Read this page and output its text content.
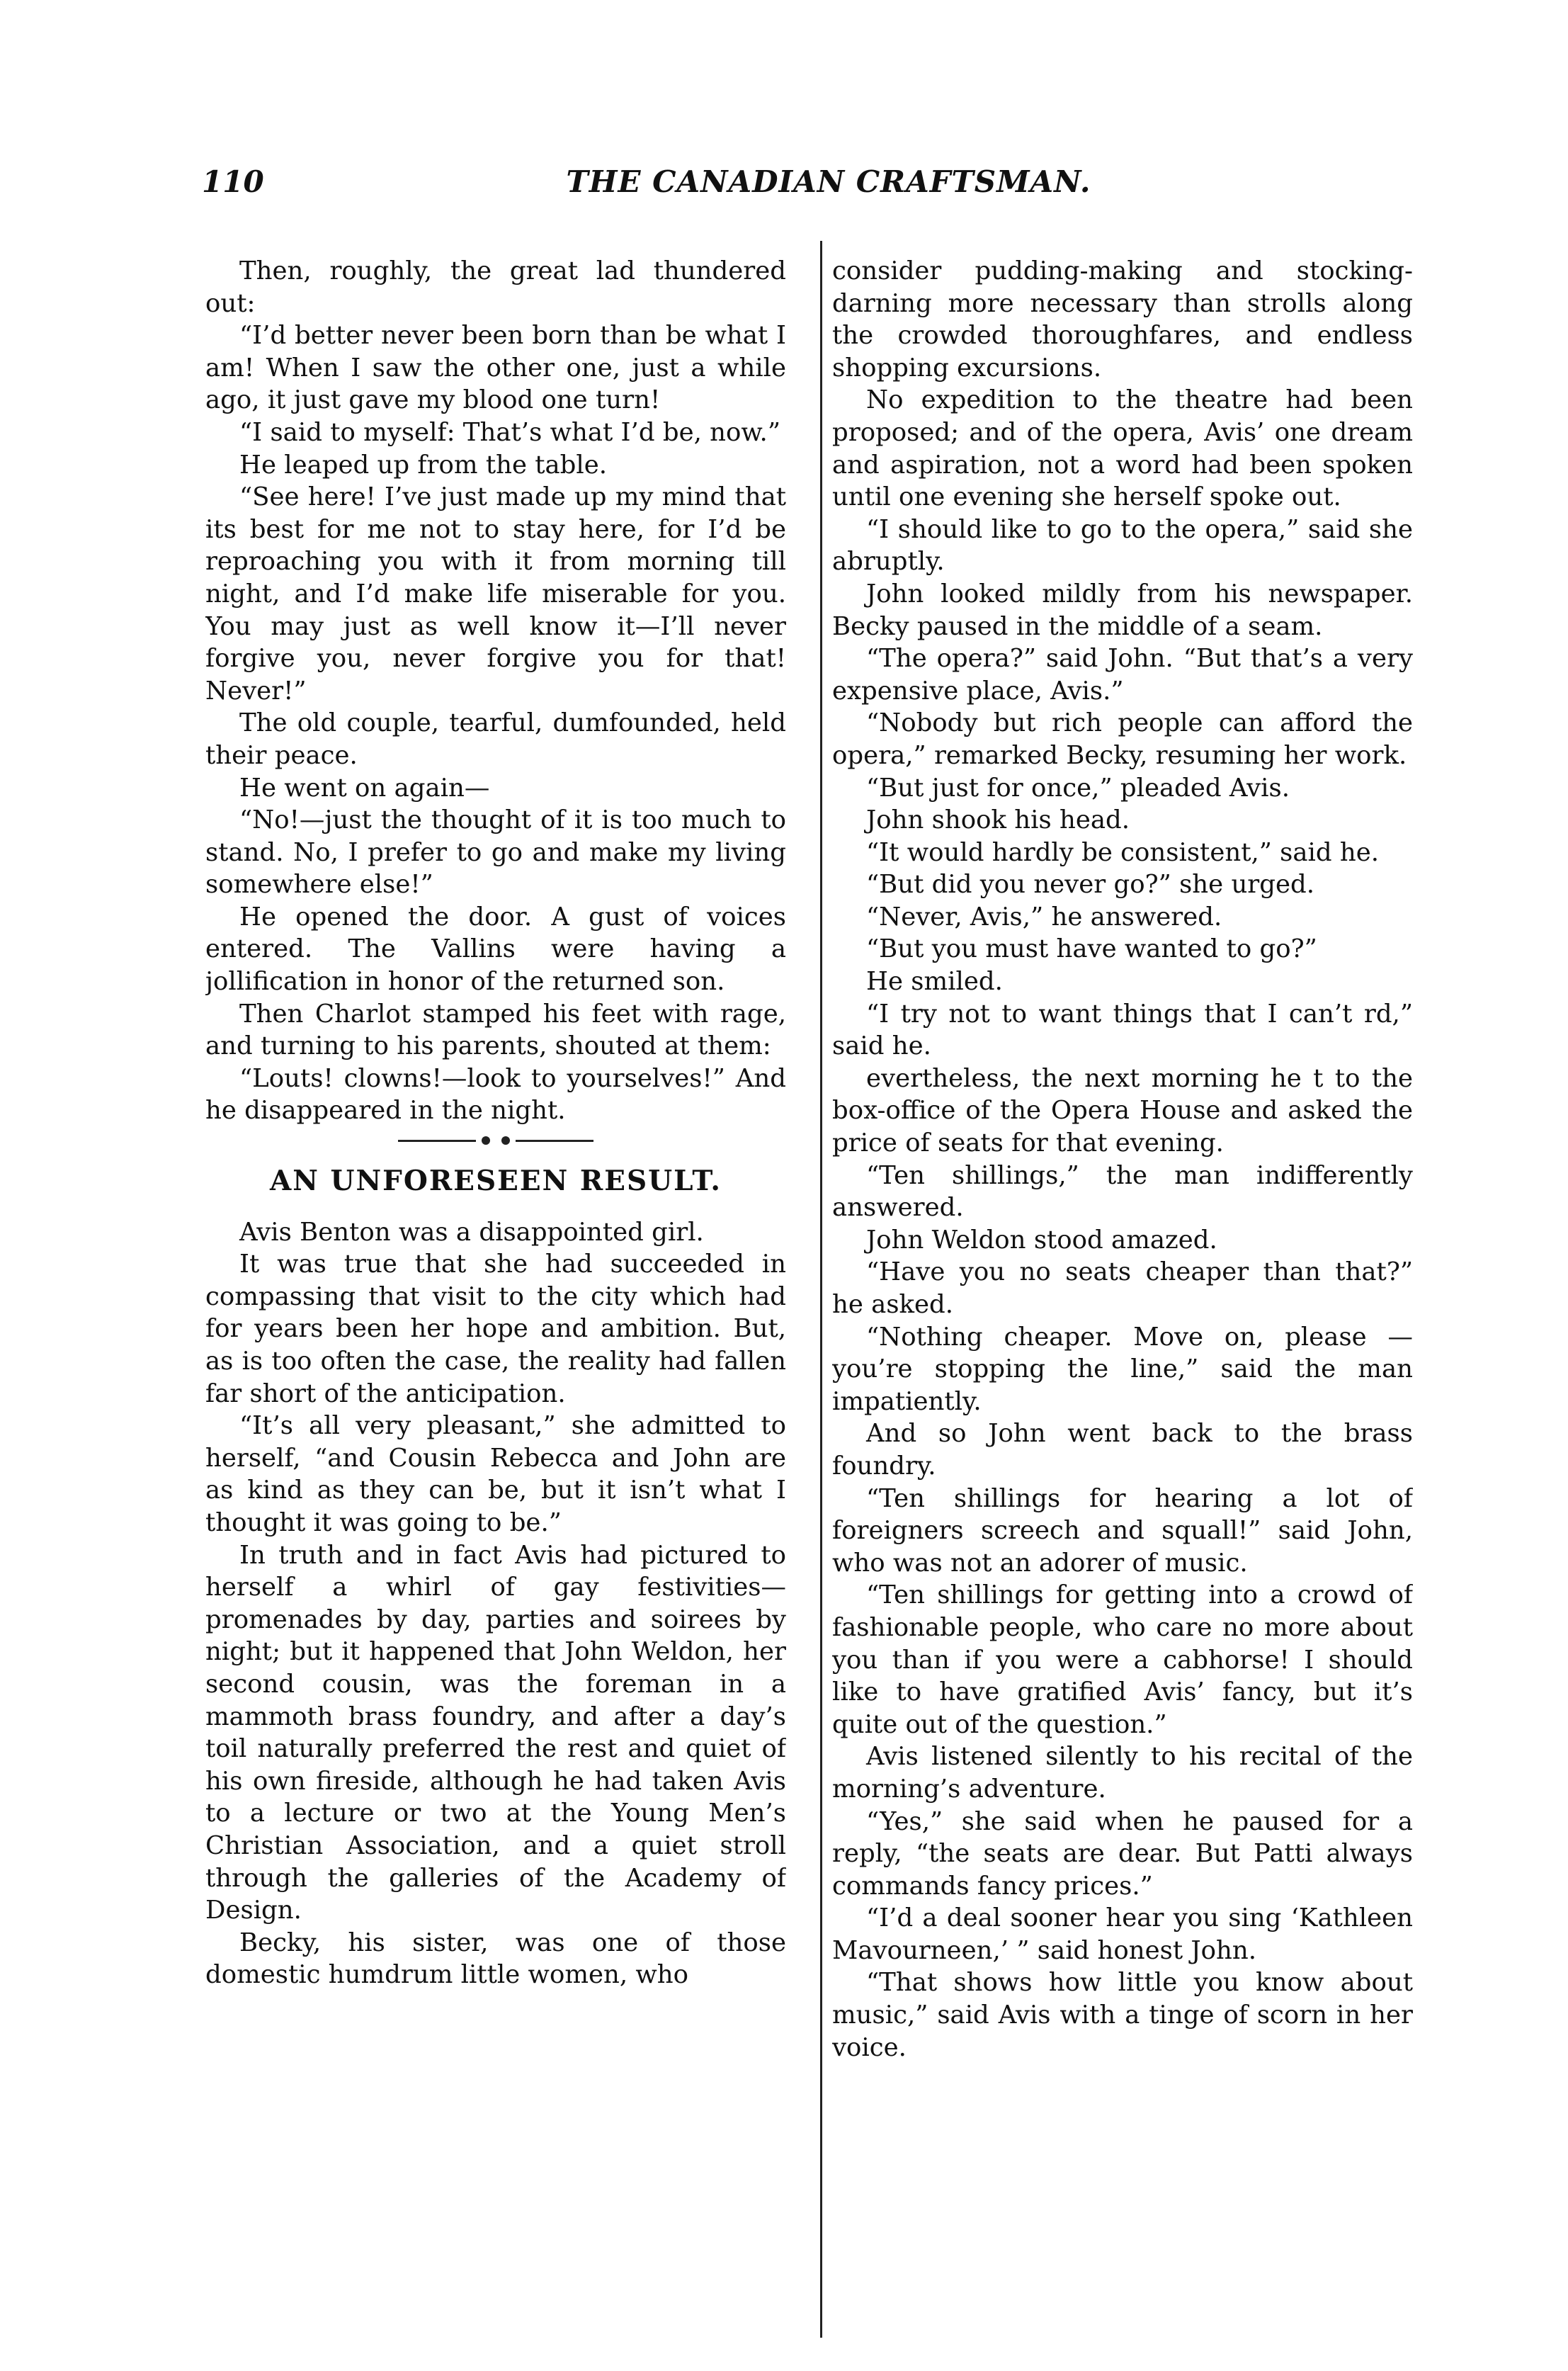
110	THE CANADIAN CRAFTSMAN.

Then, roughly, the great lad thundered out:

“I’d better never been born than be what I am! When I saw the other one, just a while ago, it just gave my blood one turn!

“I said to myself: That’s what I’d be, now.”

He leaped up from the table.

“See here! I’ve just made up my mind that its best for me not to stay here, for I’d be reproaching you with it from morning till night, and I’d make life miserable for you. You may just as well know it—I’ll never forgive you, never forgive you for that! Never!”

The old couple, tearful, dumfounded, held their peace.

He went on again—

“No!—just the thought of it is too much to stand. No, I prefer to go and make my living somewhere else!”

He opened the door. A gust of voices entered. The Vallins were having a jollification in honor of the returned son.

Then Charlot stamped his feet with rage, and turning to his parents, shouted at them:

“Louts! clowns!—look to yourselves!” And he disappeared in the night.

AN UNFORESEEN RESULT.

Avis Benton was a disappointed girl.

It was true that she had succeeded in compassing that visit to the city which had for years been her hope and ambition. But, as is too often the case, the reality had fallen far short of the anticipation.

“It’s all very pleasant,” she admitted to herself, “and Cousin Rebecca and John are as kind as they can be, but it isn’t what I thought it was going to be.”

In truth and in fact Avis had pictured to herself a whirl of gay festivities—promenades by day, parties and soirees by night; but it happened that John Weldon, her second cousin, was the foreman in a mammoth brass foundry, and after a day’s toil naturally preferred the rest and quiet of his own fireside, although he had taken Avis to a lecture or two at the Young Men’s Christian Association, and a quiet stroll through the galleries of the Academy of Design.

Becky, his sister, was one of those domestic humdrum little women, who

consider pudding-making and stocking-darning more necessary than strolls along the crowded thoroughfares, and endless shopping excursions.

No expedition to the theatre had been proposed; and of the opera, Avis’ one dream and aspiration, not a word had been spoken until one evening she herself spoke out.

“I should like to go to the opera,” said she abruptly.

John looked mildly from his newspaper. Becky paused in the middle of a seam.

“The opera?” said John. “But that’s a very expensive place, Avis.”

“Nobody but rich people can afford the opera,” remarked Becky, resuming her work.

“But just for once,” pleaded Avis.

John shook his head.

“It would hardly be consistent,” said he.

“But did you never go?” she urged.

“Never, Avis,” he answered.

“But you must have wanted to go?”

He smiled.

“I try not to want things that I can’t rd,” said he.

evertheless, the next morning he t to the box-office of the Opera House and asked the price of seats for that evening.

“Ten shillings,” the man indifferently answered.

John Weldon stood amazed.

“Have you no seats cheaper than that?” he asked.

“Nothing cheaper. Move on, please —you’re stopping the line,” said the man impatiently.

And so John went back to the brass foundry.

“Ten shillings for hearing a lot of foreigners screech and squall!” said John, who was not an adorer of music.

“Ten shillings for getting into a crowd of fashionable people, who care no more about you than if you were a cabhorse! I should like to have gratified Avis’ fancy, but it’s quite out of the question.”

Avis listened silently to his recital of the morning’s adventure.

“Yes,” she said when he paused for a reply, “the seats are dear. But Patti always commands fancy prices.”

“I’d a deal sooner hear you sing ‘Kathleen Mavourneen,’ ” said honest John.

“That shows how little you know about music,” said Avis with a tinge of scorn in her voice.
